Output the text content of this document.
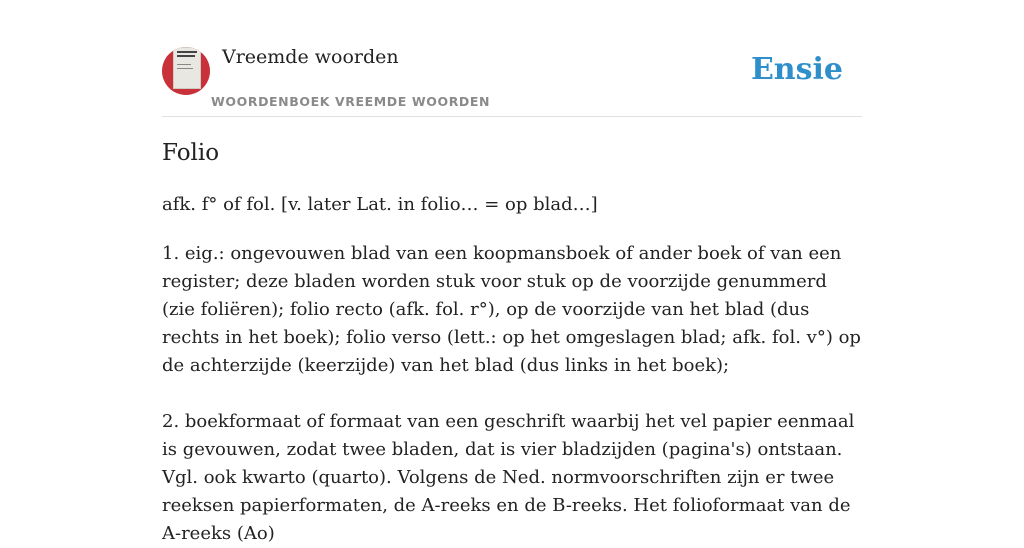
Vreemde woorden
WOORDENBOEK VREEMDE WOORDEN
Ensie
Folio

afk. f° of fol. [v. later Lat. in folio… = op blad…]

1. eig.: ongevouwen blad van een koopmansboek of ander boek of van een register; deze bladen worden stuk voor stuk op de voorzijde genummerd (zie foliëren); folio recto (afk. fol. r°), op de voorzijde van het blad (dus rechts in het boek); folio verso (lett.: op het omgeslagen blad; afk. fol. v°) op de achterzijde (keerzijde) van het blad (dus links in het boek);

2. boekformaat of formaat van een geschrift waarbij het vel papier eenmaal is gevouwen, zodat twee bladen, dat is vier bladzijden (pagina's) ontstaan. Vgl. ook kwarto (quarto). Volgens de Ned. normvoorschriften zijn er twee reeksen papierformaten, de A-reeks en de B-reeks. Het folioformaat van de A-reeks (Ao)
